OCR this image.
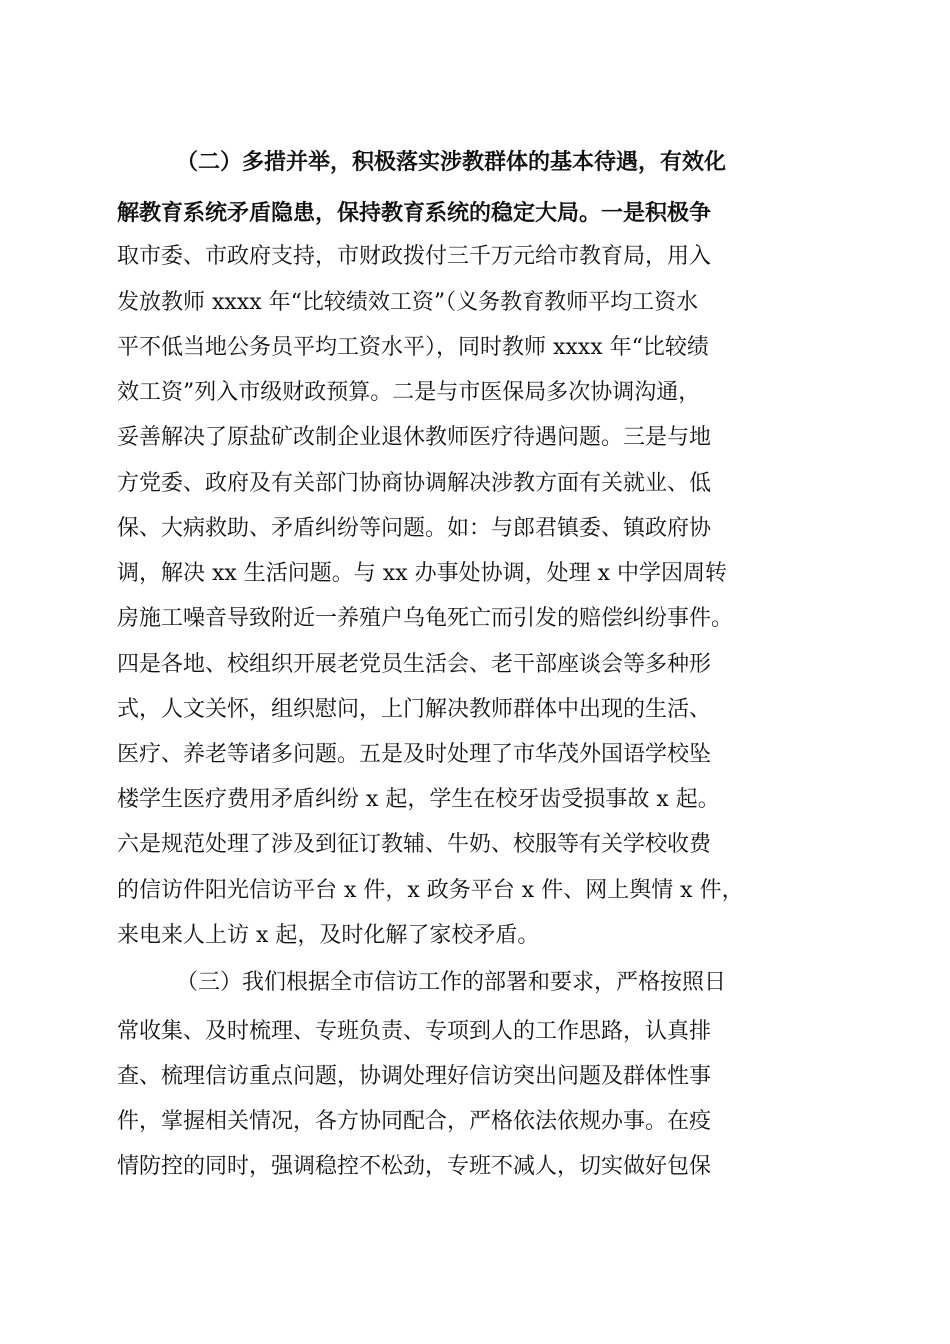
（二）多措并举，积极落实涉教群体的基本待遇，有效化
解教育系统矛盾隐患，保持教育系统的稳定大局。一是积极争
取市委、市政府支持，市财政拨付三千万元给市教育局，用入
发放教师 xxxx 年“比较绩效工资”（义务教育教师平均工资水
平不低当地公务员平均工资水平），同时教师 xxxx 年“比较绩
效工资”列入市级财政预算。二是与市医保局多次协调沟通，
妥善解决了原盐矿改制企业退休教师医疗待遇问题。三是与地
方党委、政府及有关部门协商协调解决涉教方面有关就业、低
保、大病救助、矛盾纠纷等问题。如：与郎君镇委、镇政府协
调，解决 xx 生活问题。与 xx 办事处协调，处理 x 中学因周转
房施工噪音导致附近一养殖户乌龟死亡而引发的赔偿纠纷事件。
四是各地、校组织开展老党员生活会、老干部座谈会等多种形
式，人文关怀，组织慰问，上门解决教师群体中出现的生活、
医疗、养老等诸多问题。五是及时处理了市华茂外国语学校坠
楼学生医疗费用矛盾纠纷 x 起，学生在校牙齿受损事故 x 起。
六是规范处理了涉及到征订教辅、牛奶、校服等有关学校收费
的信访件阳光信访平台 x 件，x 政务平台 x 件、网上舆情 x 件，
来电来人上访 x 起，及时化解了家校矛盾。
（三）我们根据全市信访工作的部署和要求，严格按照日
常收集、及时梳理、专班负责、专项到人的工作思路，认真排
查、梳理信访重点问题，协调处理好信访突出问题及群体性事
件，掌握相关情况，各方协同配合，严格依法依规办事。在疫
情防控的同时，强调稳控不松劲，专班不减人，切实做好包保
